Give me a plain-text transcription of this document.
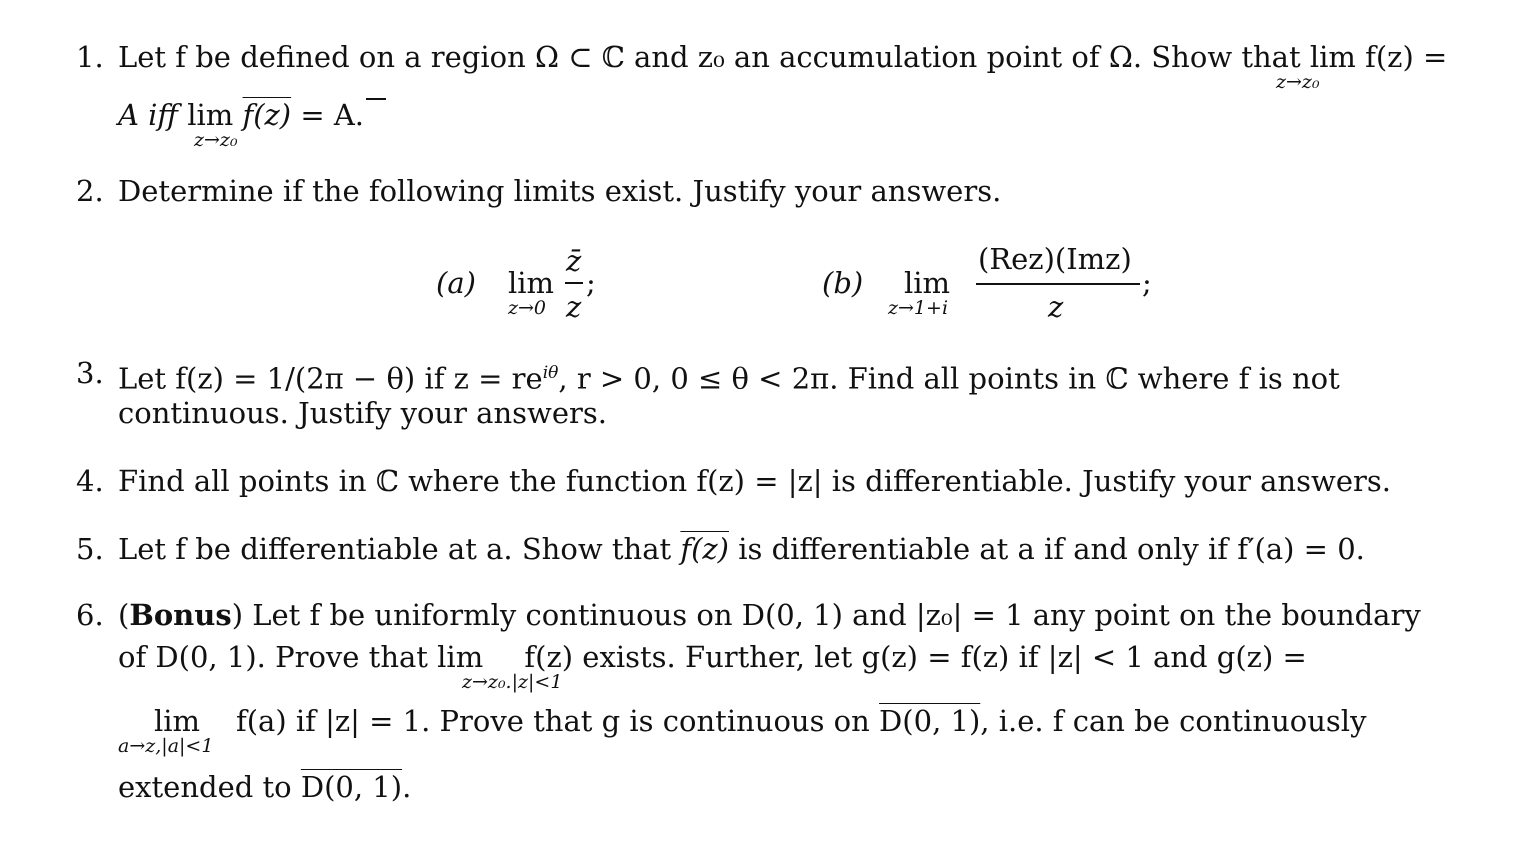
1. Let f be defined on a region Ω ⊂ ℂ and z₀ an accumulation point of Ω. Show that lim f(z) =
z→z₀
A iff lim f(z) = A.
z→z₀
2. Determine if the following limits exist. Justify your answers.
(a) lim
z→0
z̄
z
;	(b) lim
z→1+i
(Rez)(Imz)
z
;
3. Let f(z) = 1/(2π − θ) if $z = re^{i\theta}$, r > 0, 0 ≤ θ < 2π. Find all points in ℂ where f is not
continuous. Justify your answers.
4. Find all points in ℂ where the function f(z) = |z| is differentiable. Justify your answers.
5. Let f be differentiable at a. Show that f(z) is differentiable at a if and only if f′(a) = 0.
6. (Bonus) Let f be uniformly continuous on D(0, 1) and |z₀| = 1 any point on the boundary
of D(0, 1). Prove that lim f(z) exists. Further, let g(z) = f(z) if |z| < 1 and g(z) =
z→z₀.|z|<1
lim
a→z,|a|<1
f(a) if |z| = 1. Prove that g is continuous on D(0, 1), i.e. f can be continuously
extended to D(0, 1).
